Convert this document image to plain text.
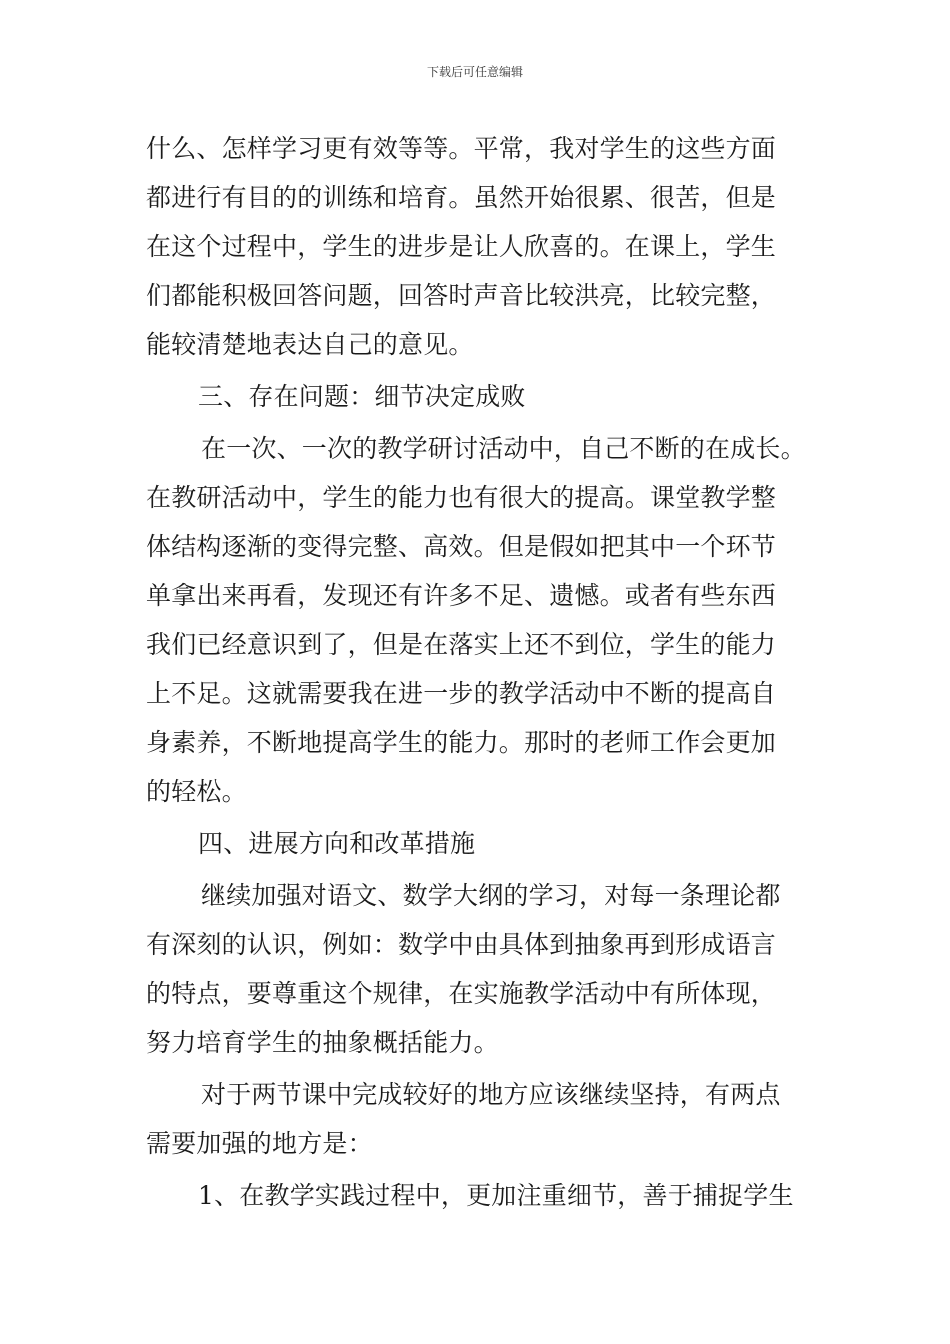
下载后可任意编辑
什么、怎样学习更有效等等。平常，我对学生的这些方面
都进行有目的的训练和培育。虽然开始很累、很苦，但是
在这个过程中，学生的进步是让人欣喜的。在课上，学生
们都能积极回答问题，回答时声音比较洪亮，比较完整，
能较清楚地表达自己的意见。
三、存在问题：细节决定成败
在一次、一次的教学研讨活动中，自己不断的在成长。
在教研活动中，学生的能力也有很大的提高。课堂教学整
体结构逐渐的变得完整、高效。但是假如把其中一个环节
单拿出来再看，发现还有许多不足、遗憾。或者有些东西
我们已经意识到了，但是在落实上还不到位，学生的能力
上不足。这就需要我在进一步的教学活动中不断的提高自
身素养，不断地提高学生的能力。那时的老师工作会更加
的轻松。
四、进展方向和改革措施
继续加强对语文、数学大纲的学习，对每一条理论都
有深刻的认识，例如：数学中由具体到抽象再到形成语言
的特点，要尊重这个规律，在实施教学活动中有所体现，
努力培育学生的抽象概括能力。
对于两节课中完成较好的地方应该继续坚持，有两点
需要加强的地方是：
1、在教学实践过程中，更加注重细节，善于捕捉学生
